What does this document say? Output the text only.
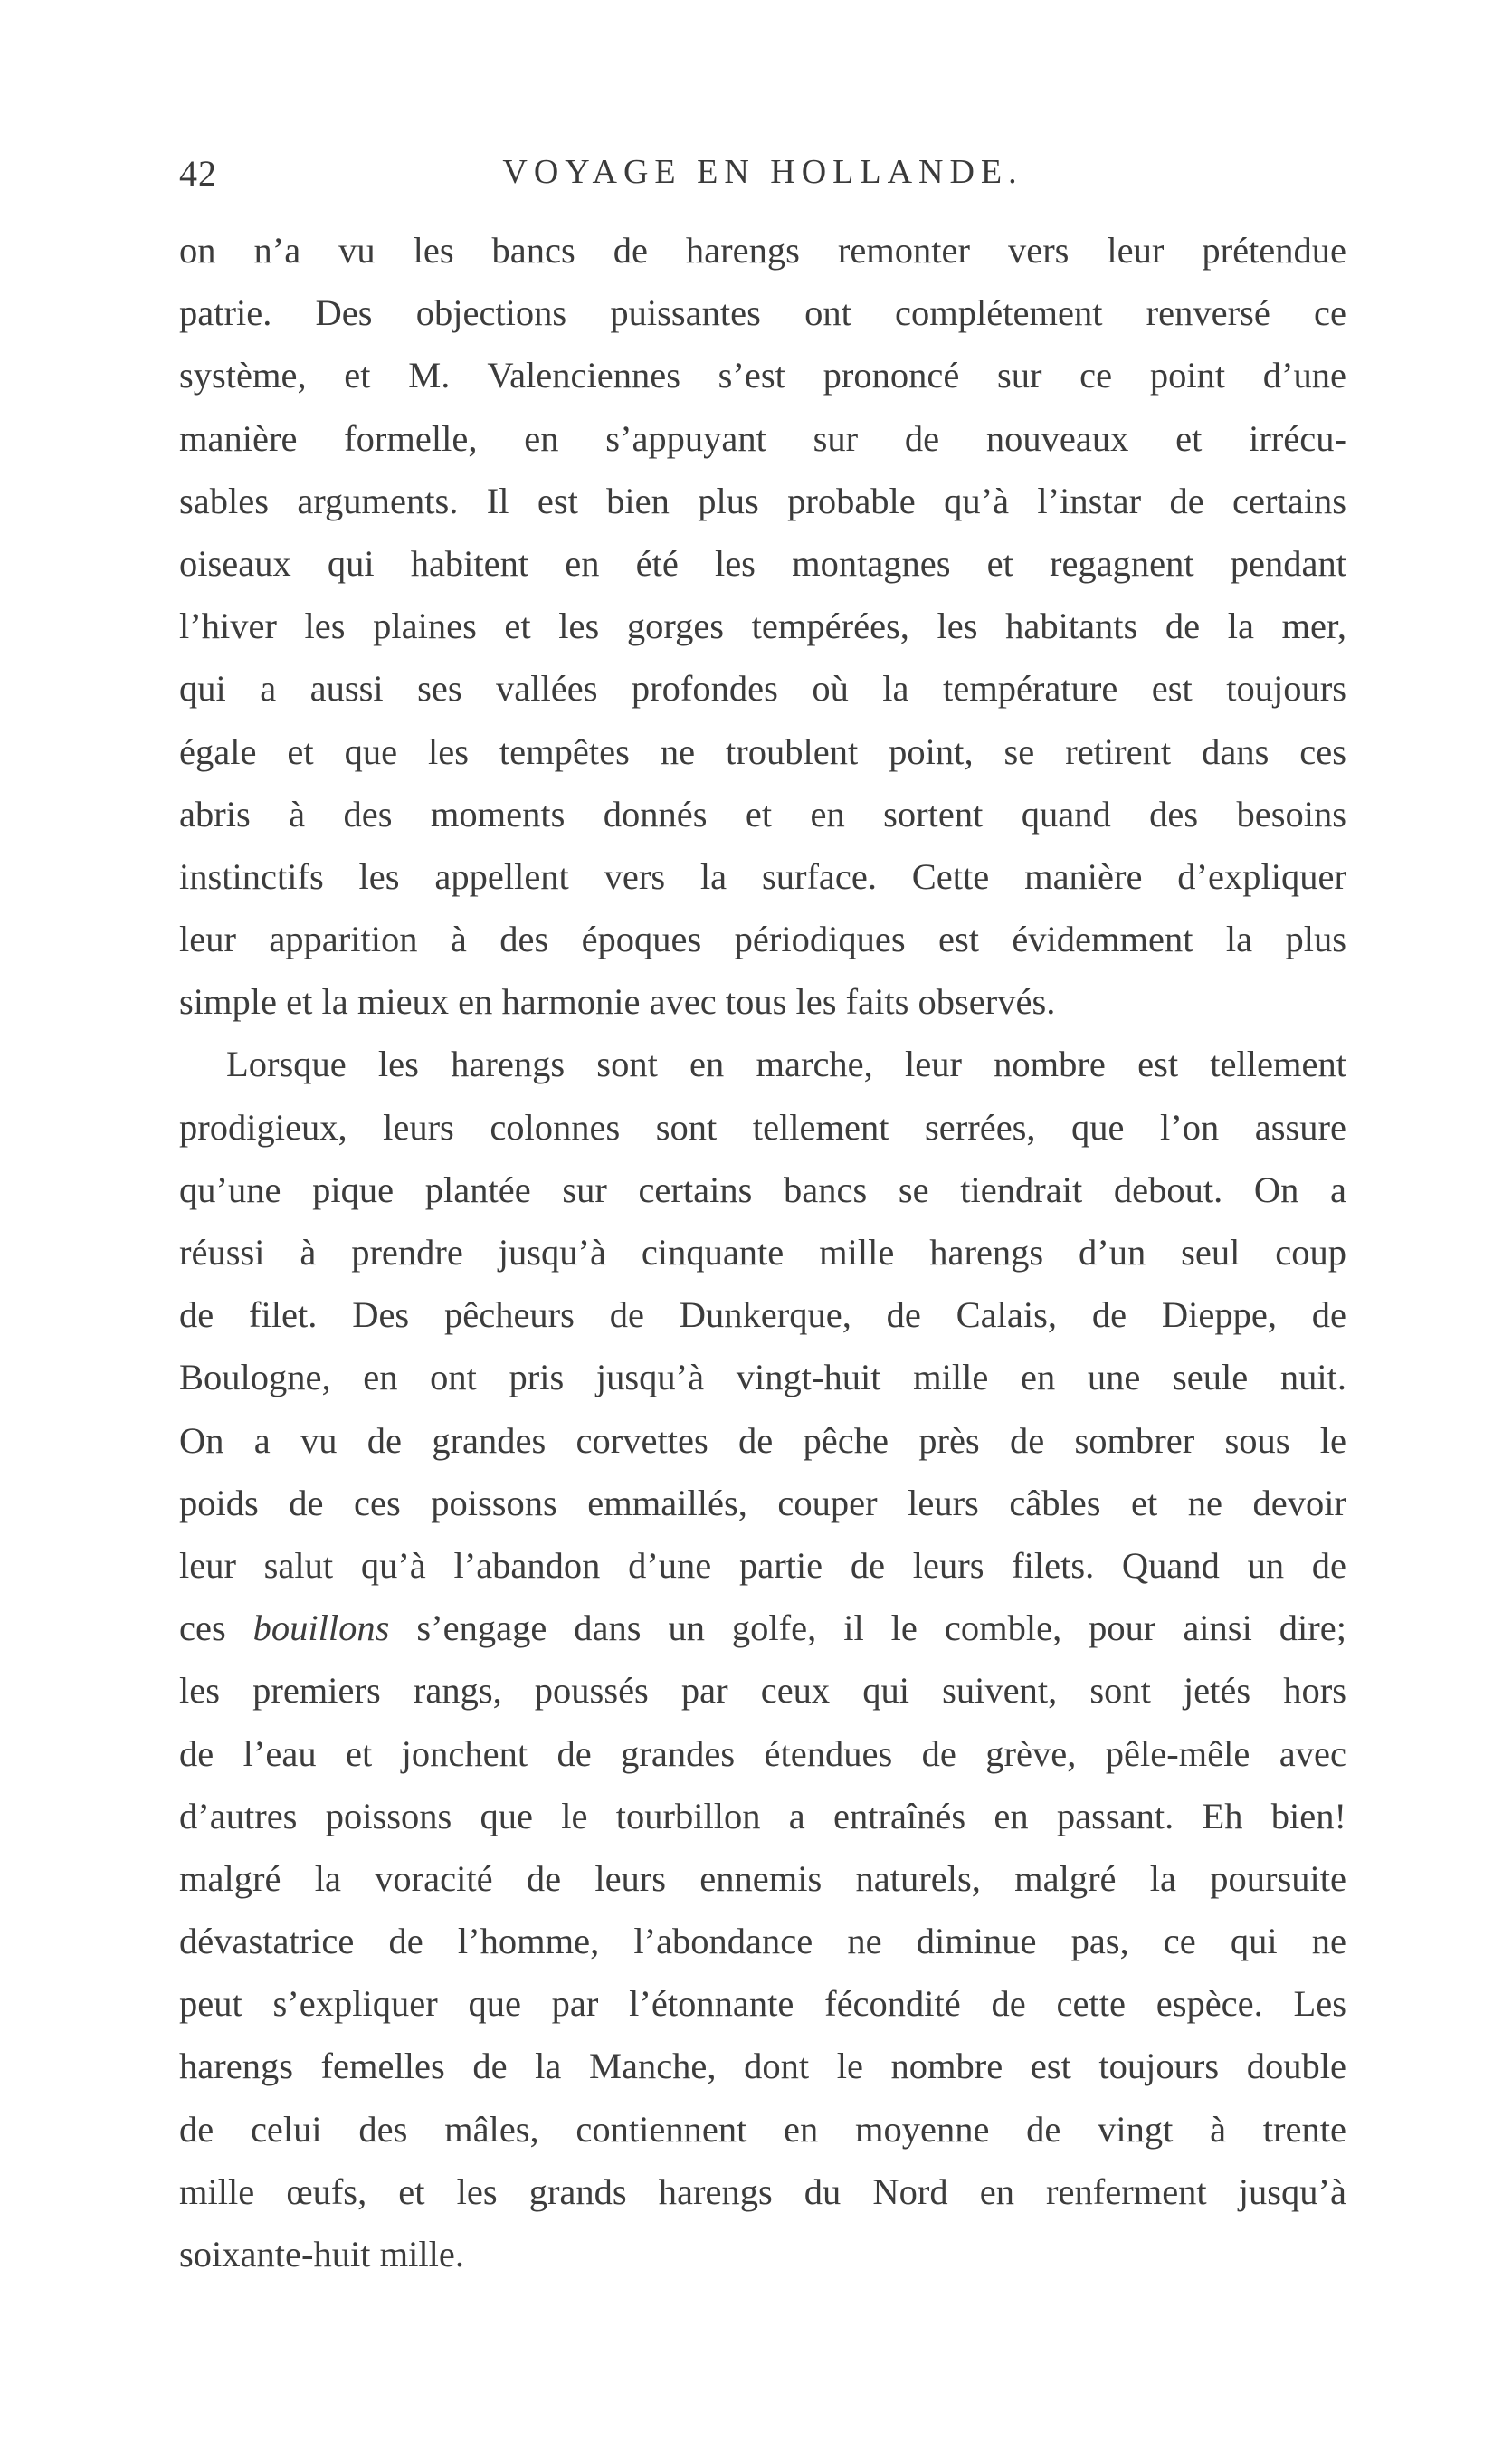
42	VOYAGE EN HOLLANDE.
on n’a vu les bancs de harengs remonter vers leur prétendue
patrie. Des objections puissantes ont complétement renversé ce
système, et M. Valenciennes s’est prononcé sur ce point d’une
manière formelle, en s’appuyant sur de nouveaux et irrécu-
sables arguments. Il est bien plus probable qu’à l’instar de certains
oiseaux qui habitent en été les montagnes et regagnent pendant
l’hiver les plaines et les gorges tempérées, les habitants de la mer,
qui a aussi ses vallées profondes où la température est toujours
égale et que les tempêtes ne troublent point, se retirent dans ces
abris à des moments donnés et en sortent quand des besoins
instinctifs les appellent vers la surface. Cette manière d’expliquer
leur apparition à des époques périodiques est évidemment la plus
simple et la mieux en harmonie avec tous les faits observés.
Lorsque les harengs sont en marche, leur nombre est tellement
prodigieux, leurs colonnes sont tellement serrées, que l’on assure
qu’une pique plantée sur certains bancs se tiendrait debout. On a
réussi à prendre jusqu’à cinquante mille harengs d’un seul coup
de filet. Des pêcheurs de Dunkerque, de Calais, de Dieppe, de
Boulogne, en ont pris jusqu’à vingt-huit mille en une seule nuit.
On a vu de grandes corvettes de pêche près de sombrer sous le
poids de ces poissons emmaillés, couper leurs câbles et ne devoir
leur salut qu’à l’abandon d’une partie de leurs filets. Quand un de
ces bouillons s’engage dans un golfe, il le comble, pour ainsi dire;
les premiers rangs, poussés par ceux qui suivent, sont jetés hors
de l’eau et jonchent de grandes étendues de grève, pêle-mêle avec
d’autres poissons que le tourbillon a entraînés en passant. Eh bien!
malgré la voracité de leurs ennemis naturels, malgré la poursuite
dévastatrice de l’homme, l’abondance ne diminue pas, ce qui ne
peut s’expliquer que par l’étonnante fécondité de cette espèce. Les
harengs femelles de la Manche, dont le nombre est toujours double
de celui des mâles, contiennent en moyenne de vingt à trente
mille œufs, et les grands harengs du Nord en renferment jusqu’à
soixante-huit mille.
